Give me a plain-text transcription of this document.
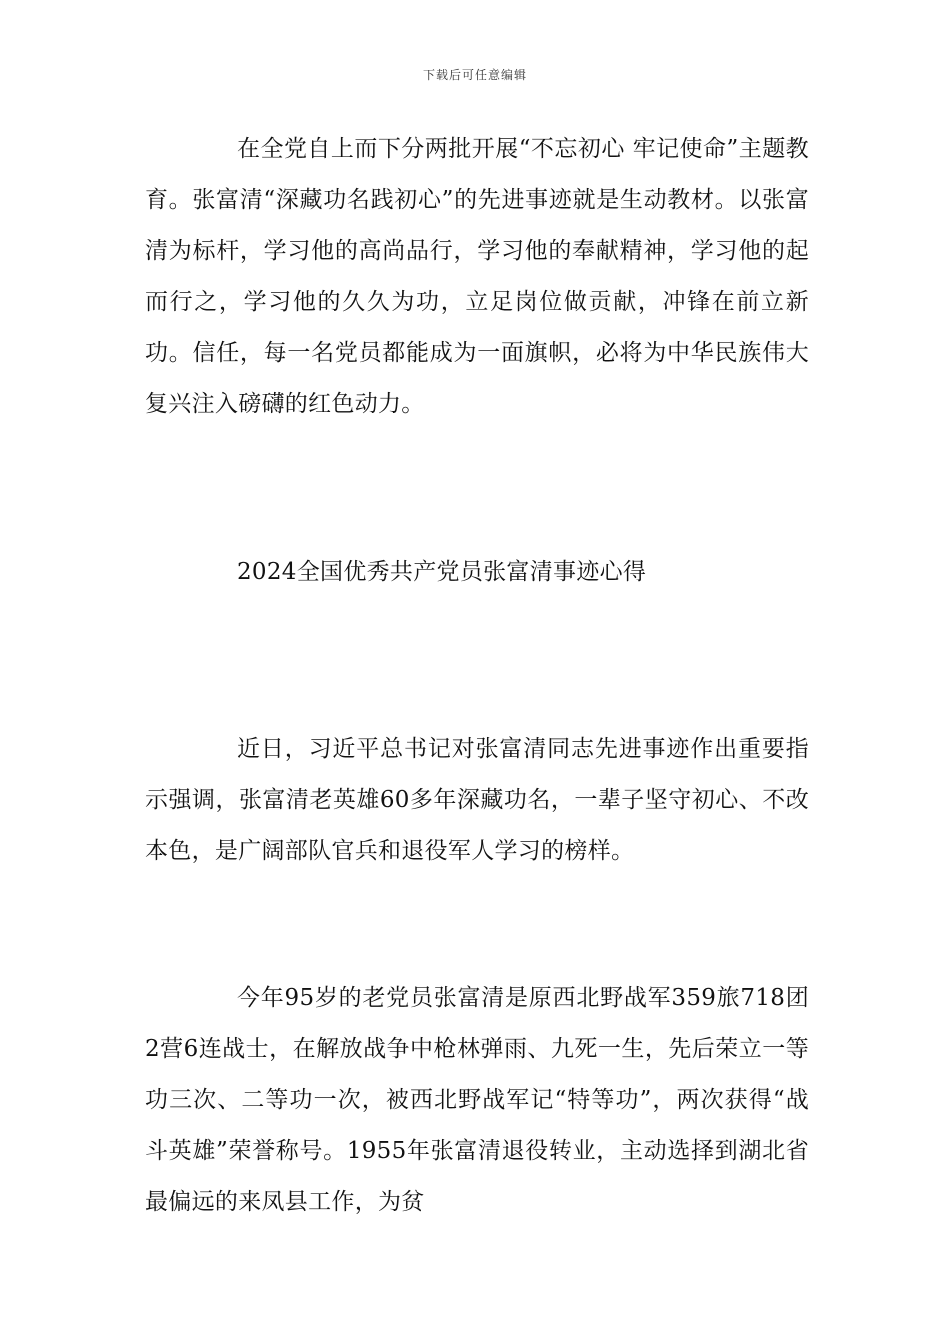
下载后可任意编辑

在全党自上而下分两批开展“不忘初心 牢记使命”主题教育。张富清“深藏功名践初心”的先进事迹就是生动教材。以张富清为标杆，学习他的高尚品行，学习他的奉献精神，学习他的起而行之，学习他的久久为功，立足岗位做贡献，冲锋在前立新功。信任，每一名党员都能成为一面旗帜，必将为中华民族伟大复兴注入磅礴的红色动力。

2024全国优秀共产党员张富清事迹心得

近日，习近平总书记对张富清同志先进事迹作出重要指示强调，张富清老英雄60多年深藏功名，一辈子坚守初心、不改本色，是广阔部队官兵和退役军人学习的榜样。

今年95岁的老党员张富清是原西北野战军359旅718团2营6连战士，在解放战争中枪林弹雨、九死一生，先后荣立一等功三次、二等功一次，被西北野战军记“特等功”，两次获得“战斗英雄”荣誉称号。1955年张富清退役转业，主动选择到湖北省最偏远的来凤县工作，为贫
